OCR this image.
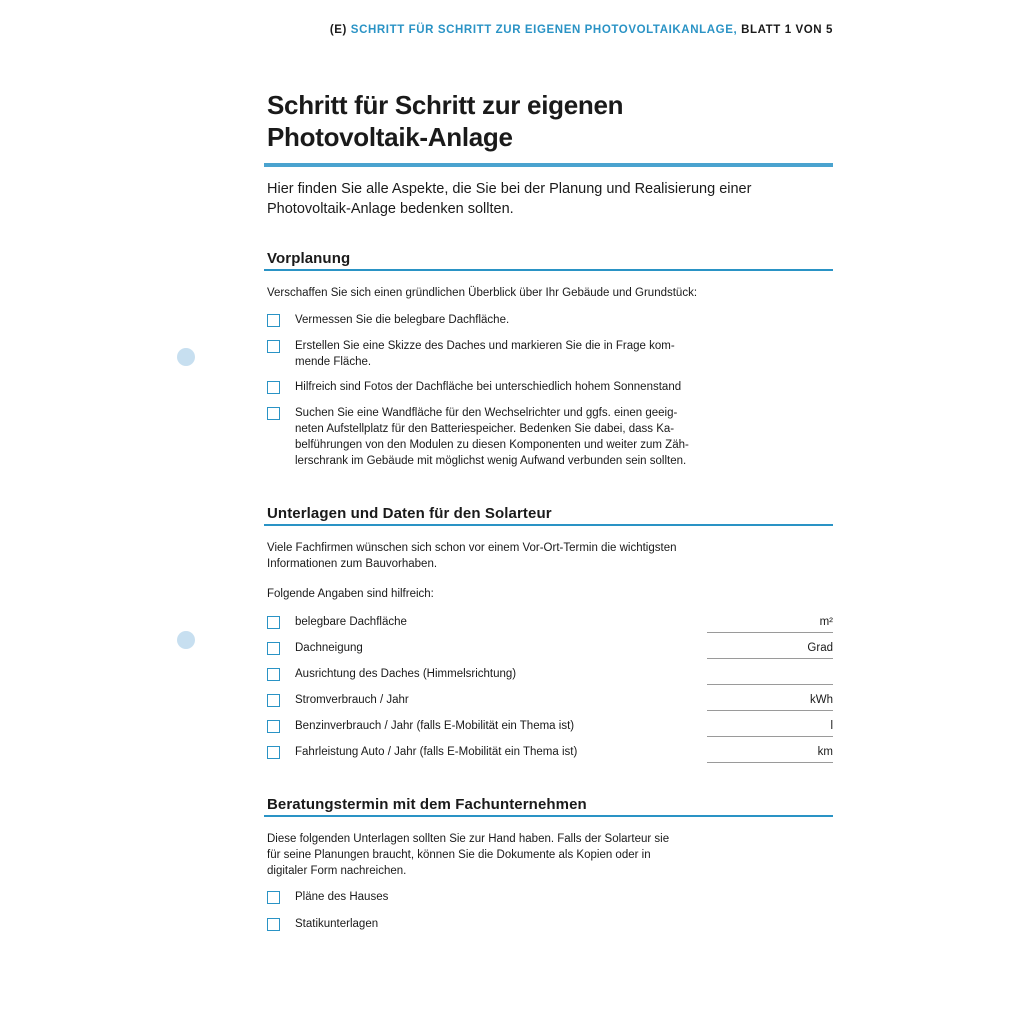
(E) SCHRITT FÜR SCHRITT ZUR EIGENEN PHOTOVOLTAIKANLAGE, BLATT 1 VON 5
Schritt für Schritt zur eigenen
Photovoltaik-Anlage

Hier finden Sie alle Aspekte, die Sie bei der Planung und Realisierung einer
Photovoltaik-Anlage bedenken sollten.

Vorplanung

Verschaffen Sie sich einen gründlichen Überblick über Ihr Gebäude und Grundstück:

Vermessen Sie die belegbare Dachfläche.

Erstellen Sie eine Skizze des Daches und markieren Sie die in Frage kom-
mende Fläche.

Hilfreich sind Fotos der Dachfläche bei unterschiedlich hohem Sonnenstand

Suchen Sie eine Wandfläche für den Wechselrichter und ggfs. einen geeig-
neten Aufstellplatz für den Batteriespeicher. Bedenken Sie dabei, dass Ka-
belführungen von den Modulen zu diesen Komponenten und weiter zum Zäh-
lerschrank im Gebäude mit möglichst wenig Aufwand verbunden sein sollten.

Unterlagen und Daten für den Solarteur

Viele Fachfirmen wünschen sich schon vor einem Vor-Ort-Termin die wichtigsten
Informationen zum Bauvorhaben.

Folgende Angaben sind hilfreich:

belegbare Dachfläche	m²

Dachneigung	Grad

Ausrichtung des Daches (Himmelsrichtung)

Stromverbrauch / Jahr	kWh

Benzinverbrauch / Jahr (falls E-Mobilität ein Thema ist)	l

Fahrleistung Auto / Jahr (falls E-Mobilität ein Thema ist)	km
Beratungstermin mit dem Fachunternehmen

Diese folgenden Unterlagen sollten Sie zur Hand haben. Falls der Solarteur sie
für seine Planungen braucht, können Sie die Dokumente als Kopien oder in
digitaler Form nachreichen.

Pläne des Hauses

Statikunterlagen
